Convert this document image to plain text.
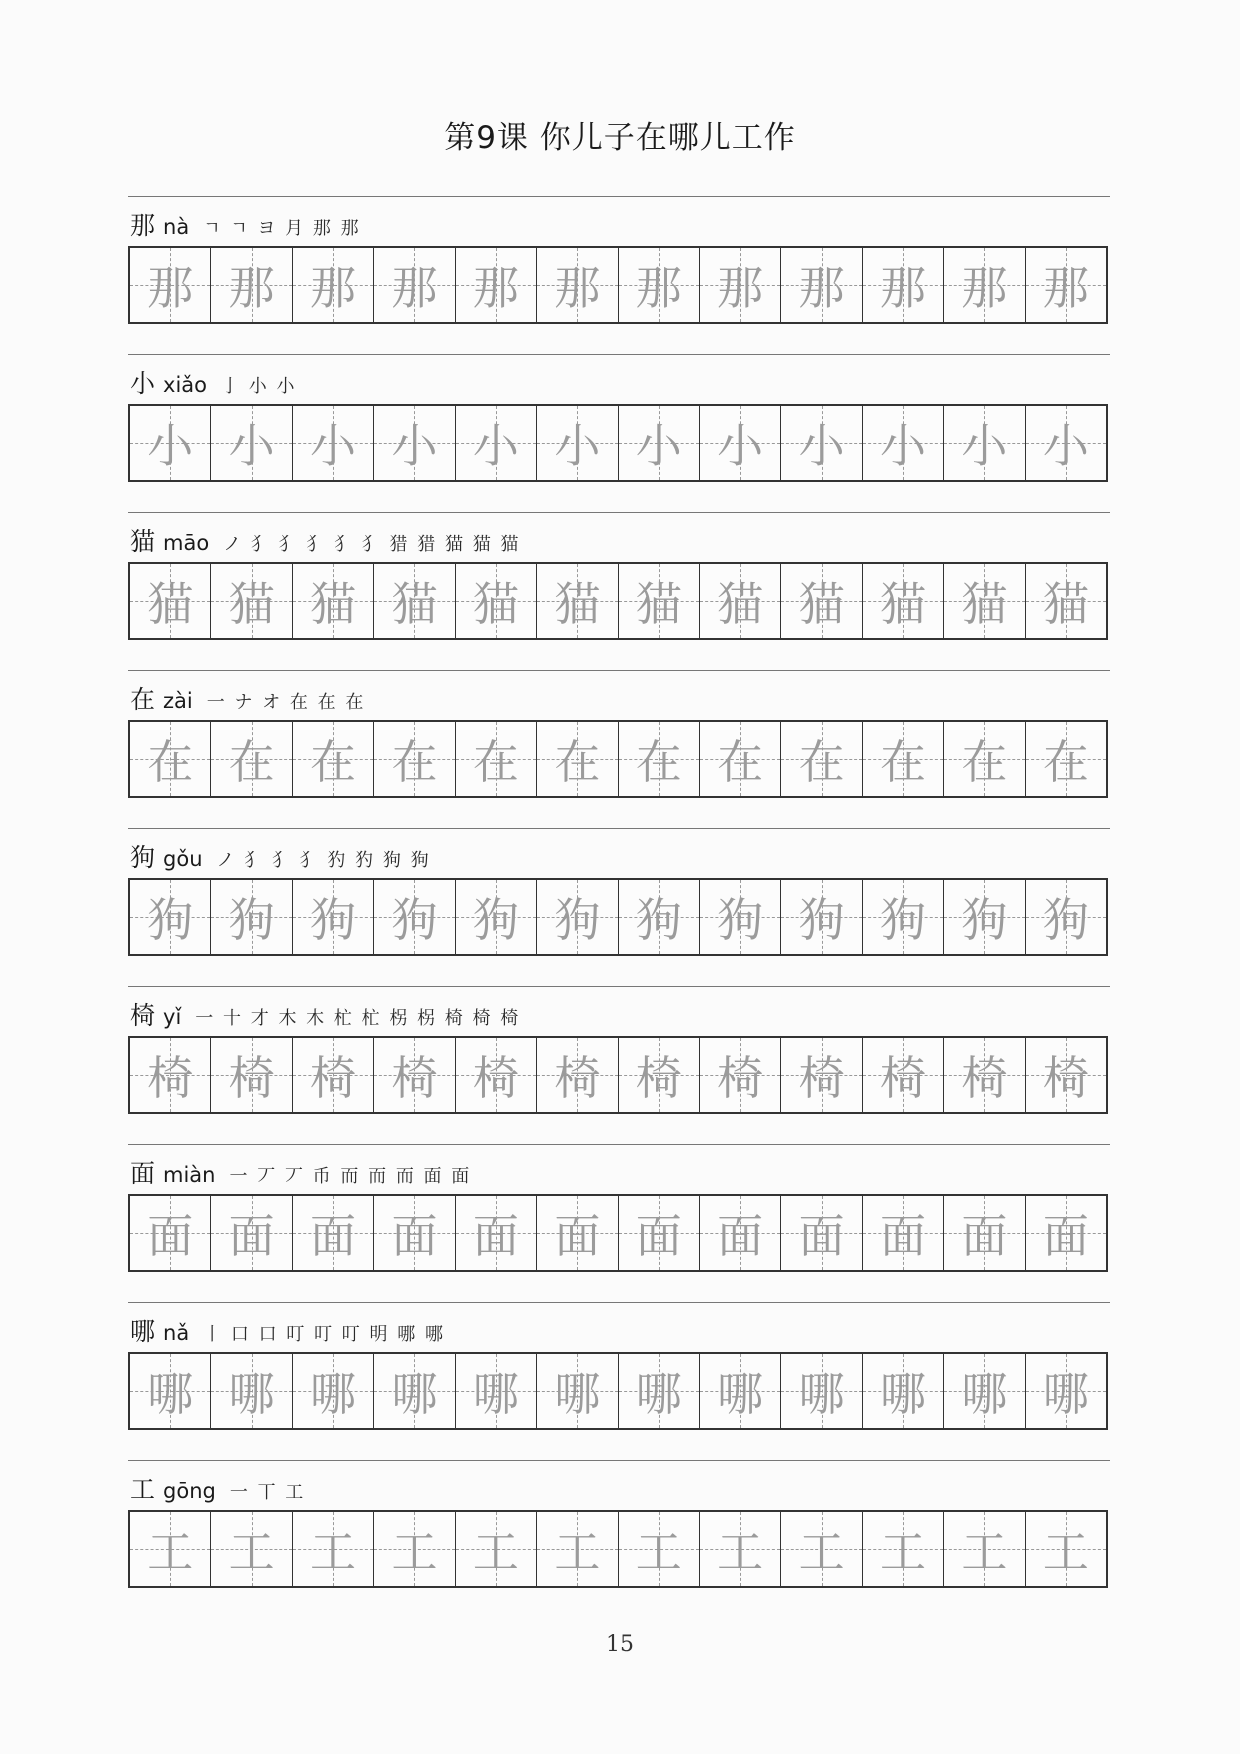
第9课 你儿子在哪儿工作
那 nà ㄱ ㄱ ヨ 月 那 那
那 那 那 那 那 那 那 那 那 那 那 那
小 xiǎo 亅 小 小
小 小 小 小 小 小 小 小 小 小 小 小
猫 māo ノ 犭 犭 犭 犭 犭 猎 猎 猫 猫 猫
猫 猫 猫 猫 猫 猫 猫 猫 猫 猫 猫 猫
在 zài 一 ナ オ 在 在 在
在 在 在 在 在 在 在 在 在 在 在 在
狗 gǒu ノ 犭 犭 犭 犳 犳 狗 狗
狗 狗 狗 狗 狗 狗 狗 狗 狗 狗 狗 狗
椅 yǐ 一 十 才 木 木 杧 杧 柺 柺 椅 椅 椅
椅 椅 椅 椅 椅 椅 椅 椅 椅 椅 椅 椅
面 miàn 一 丆 丆 币 而 而 而 面 面
面 面 面 面 面 面 面 面 面 面 面 面
哪 nǎ 丨 口 口 叮 叮 叮 明 哪 哪
哪 哪 哪 哪 哪 哪 哪 哪 哪 哪 哪 哪
工 gōng 一 丅 工
工 工 工 工 工 工 工 工 工 工 工 工
15
